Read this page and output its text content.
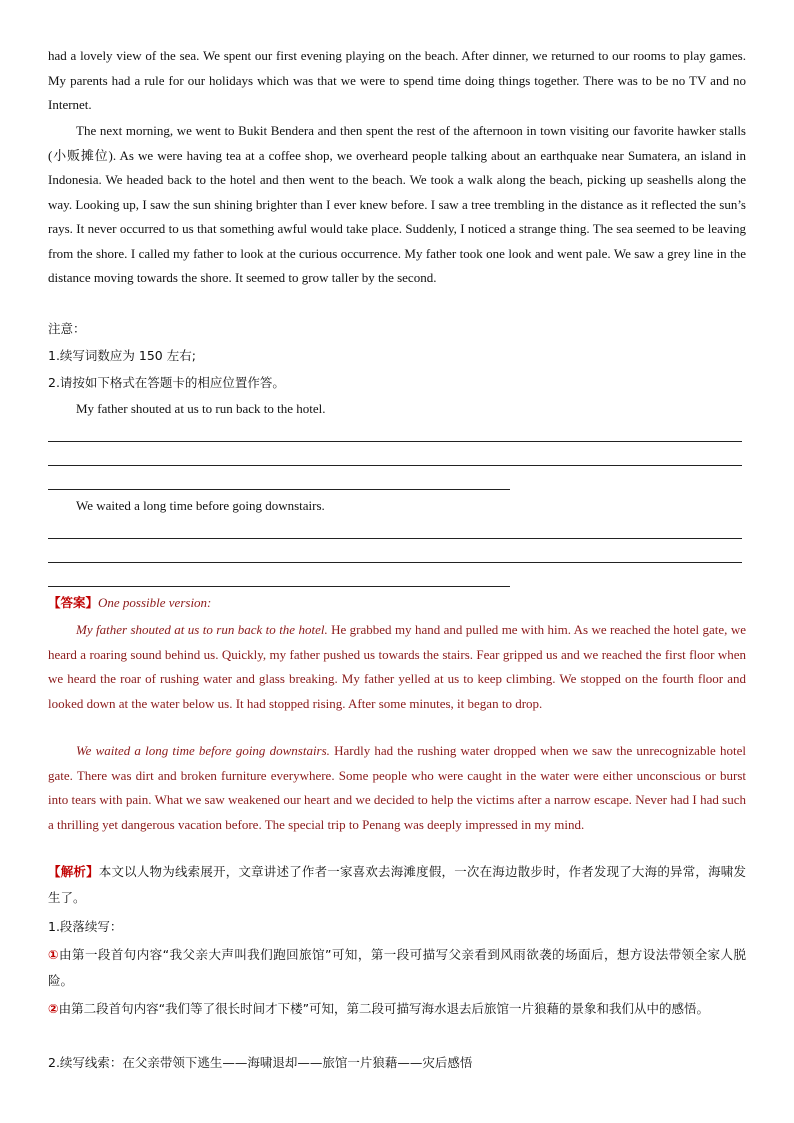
had a lovely view of the sea. We spent our first evening playing on the beach. After dinner, we returned to our rooms to play games. My parents had a rule for our holidays which was that we were to spend time doing things together. There was to be no TV and no Internet.

The next morning, we went to Bukit Bendera and then spent the rest of the afternoon in town visiting our favorite hawker stalls (小贩摊位). As we were having tea at a coffee shop, we overheard people talking about an earthquake near Sumatera, an island in Indonesia. We headed back to the hotel and then went to the beach. We took a walk along the beach, picking up seashells along the way. Looking up, I saw the sun shining brighter than I ever knew before. I saw a tree trembling in the distance as it reflected the sun’s rays. It never occurred to us that something awful would take place. Suddenly, I noticed a strange thing. The sea seemed to be leaving from the shore. I called my father to look at the curious occurrence. My father took one look and went pale. We saw a grey line in the distance moving towards the shore. It seemed to grow taller by the second.

注意：
1.续写词数应为 150 左右;
2.请按如下格式在答题卡的相应位置作答。
My father shouted at us to run back to the hotel.
We waited a long time before going downstairs.
【答案】One possible version:

My father shouted at us to run back to the hotel. He grabbed my hand and pulled me with him. As we reached the hotel gate, we heard a roaring sound behind us. Quickly, my father pushed us towards the stairs. Fear gripped us and we reached the first floor when we heard the roar of rushing water and glass breaking. My father yelled at us to keep climbing. We stopped on the fourth floor and looked down at the water below us. It had stopped rising. After some minutes, it began to drop.

We waited a long time before going downstairs. Hardly had the rushing water dropped when we saw the unrecognizable hotel gate. There was dirt and broken furniture everywhere. Some people who were caught in the water were either unconscious or burst into tears with pain. What we saw weakened our heart and we decided to help the victims after a narrow escape. Never had I had such a thrilling yet dangerous vacation before. The special trip to Penang was deeply impressed in my mind.

【解析】本文以人物为线索展开，文章讲述了作者一家喜欢去海滩度假，一次在海边散步时，作者发现了大海的异常，海啸发生了。

1.段落续写：

①由第一段首句内容“我父亲大声叫我们跑回旅馆”可知，第一段可描写父亲看到风雨欲袭的场面后，想方设法带领全家人脱险。

②由第二段首句内容“我们等了很长时间才下楼”可知，第二段可描写海水退去后旅馆一片狼藉的景象和我们从中的感悟。

2.续写线索：在父亲带领下逃生——海啸退却——旅馆一片狼藉——灾后感悟
